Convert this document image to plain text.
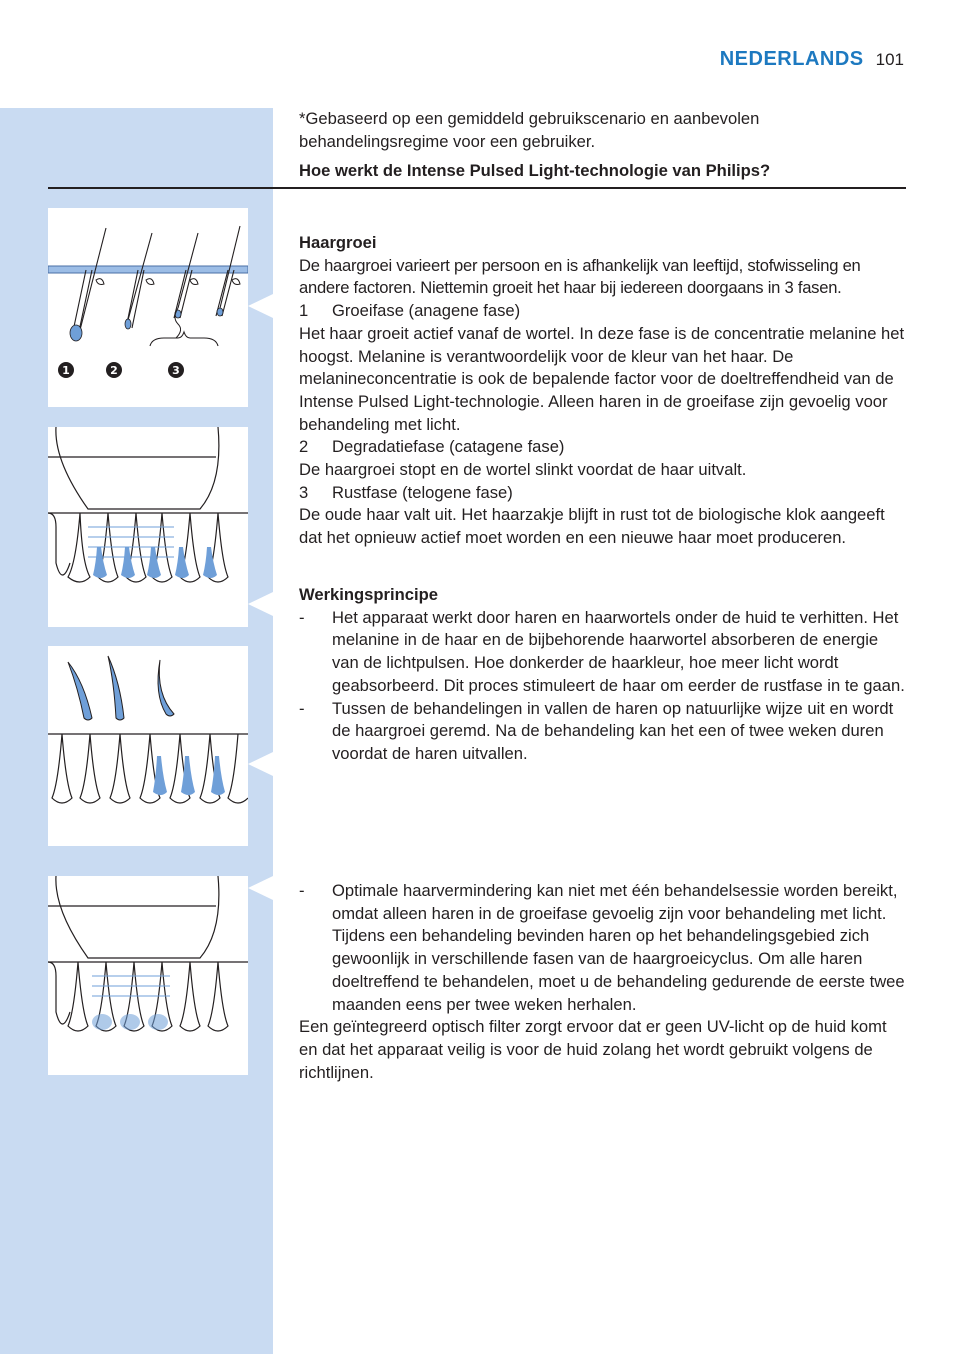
NEDERLANDS 101

*Gebaseerd op een gemiddeld gebruikscenario en aanbevolen behandelingsregime voor een gebruiker.

Hoe werkt de Intense Pulsed Light-technologie van Philips?

Haargroei

De haargroei varieert per persoon en is afhankelijk van leeftijd, stofwisseling en andere factoren. Niettemin groeit het haar bij iedereen doorgaans in 3 fasen.

1 Groeifase (anagene fase)

Het haar groeit actief vanaf de wortel. In deze fase is de concentratie melanine het hoogst. Melanine is verantwoordelijk voor de kleur van het haar. De melanineconcentratie is ook de bepalende factor voor de doeltreffendheid van de Intense Pulsed Light-technologie. Alleen haren in de groeifase zijn gevoelig voor behandeling met licht.

2 Degradatiefase (catagene fase)

De haargroei stopt en de wortel slinkt voordat de haar uitvalt.

3 Rustfase (telogene fase)

De oude haar valt uit. Het haarzakje blijft in rust tot de biologische klok aangeeft dat het opnieuw actief moet worden en een nieuwe haar moet produceren.

Werkingsprincipe

- Het apparaat werkt door haren en haarwortels onder de huid te verhitten. Het melanine in de haar en de bijbehorende haarwortel absorberen de energie van de lichtpulsen. Hoe donkerder de haarkleur, hoe meer licht wordt geabsorbeerd. Dit proces stimuleert de haar om eerder de rustfase in te gaan.
- Tussen de behandelingen in vallen de haren op natuurlijke wijze uit en wordt de haargroei geremd. Na de behandeling kan het een of twee weken duren voordat de haren uitvallen.
- Optimale haarvermindering kan niet met één behandelsessie worden bereikt, omdat alleen haren in de groeifase gevoelig zijn voor behandeling met licht. Tijdens een behandeling bevinden haren op het behandelingsgebied zich gewoonlijk in verschillende fasen van de haargroeicyclus. Om alle haren doeltreffend te behandelen, moet u de behandeling gedurende de eerste twee maanden eens per twee weken herhalen.

Een geïntegreerd optisch filter zorgt ervoor dat er geen UV-licht op de huid komt en dat het apparaat veilig is voor de huid zolang het wordt gebruikt volgens de richtlijnen.

1	2	3
